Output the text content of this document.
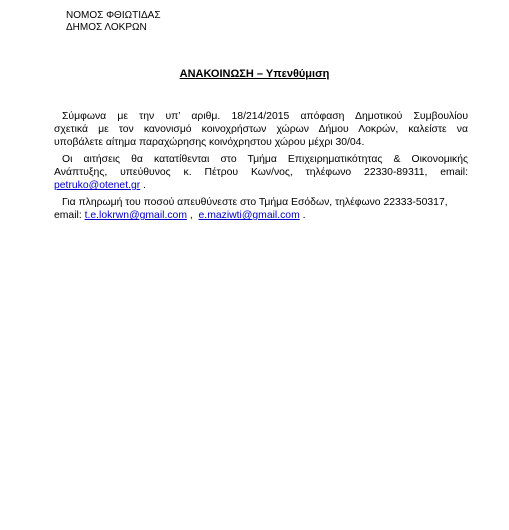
ΝΟΜΟΣ ΦΘΙΩΤΙΔΑΣ
ΔΗΜΟΣ ΛΟΚΡΩΝ
ΑΝΑΚΟΙΝΩΣΗ – Υπενθύμιση
Σύμφωνα με την υπ’ αριθμ. 18/214/2015 απόφαση Δημοτικού Συμβουλίου
σχετικά με τον κανονισμό κοινοχρήστων χώρων Δήμου Λοκρών, καλείστε να
υποβάλετε αίτημα παραχώρησης κοινόχρηστου χώρου μέχρι 30/04.
Οι αιτήσεις θα κατατίθενται στο Τμήμα Επιχειρηματικότητας & Οικονομικής
Ανάπτυξης, υπεύθυνος κ. Πέτρου Κων/νος, τηλέφωνο 22330-89311, email:
petruko@otenet.gr .
Για πληρωμή του ποσού απευθύνεστε στο Τμήμα Εσόδων, τηλέφωνο 22333-50317,
email: t.e.lokrwn@gmail.com ,  e.maziwti@gmail.com .
